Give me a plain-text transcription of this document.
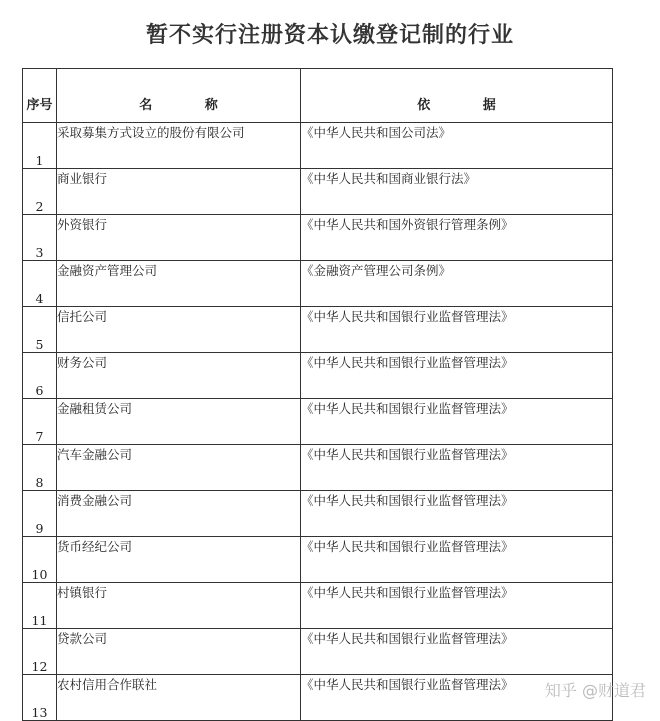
暂不实行注册资本认缴登记制的行业
序号	名 称	依 据
1	采取募集方式设立的股份有限公司	《中华人民共和国公司法》
2	商业银行	《中华人民共和国商业银行法》
3	外资银行	《中华人民共和国外资银行管理条例》
4	金融资产管理公司	《金融资产管理公司条例》
5	信托公司	《中华人民共和国银行业监督管理法》
6	财务公司	《中华人民共和国银行业监督管理法》
7	金融租赁公司	《中华人民共和国银行业监督管理法》
8	汽车金融公司	《中华人民共和国银行业监督管理法》
9	消费金融公司	《中华人民共和国银行业监督管理法》
10	货币经纪公司	《中华人民共和国银行业监督管理法》
11	村镇银行	《中华人民共和国银行业监督管理法》
12	贷款公司	《中华人民共和国银行业监督管理法》
13	农村信用合作联社	《中华人民共和国银行业监督管理法》 知乎 @财道君
